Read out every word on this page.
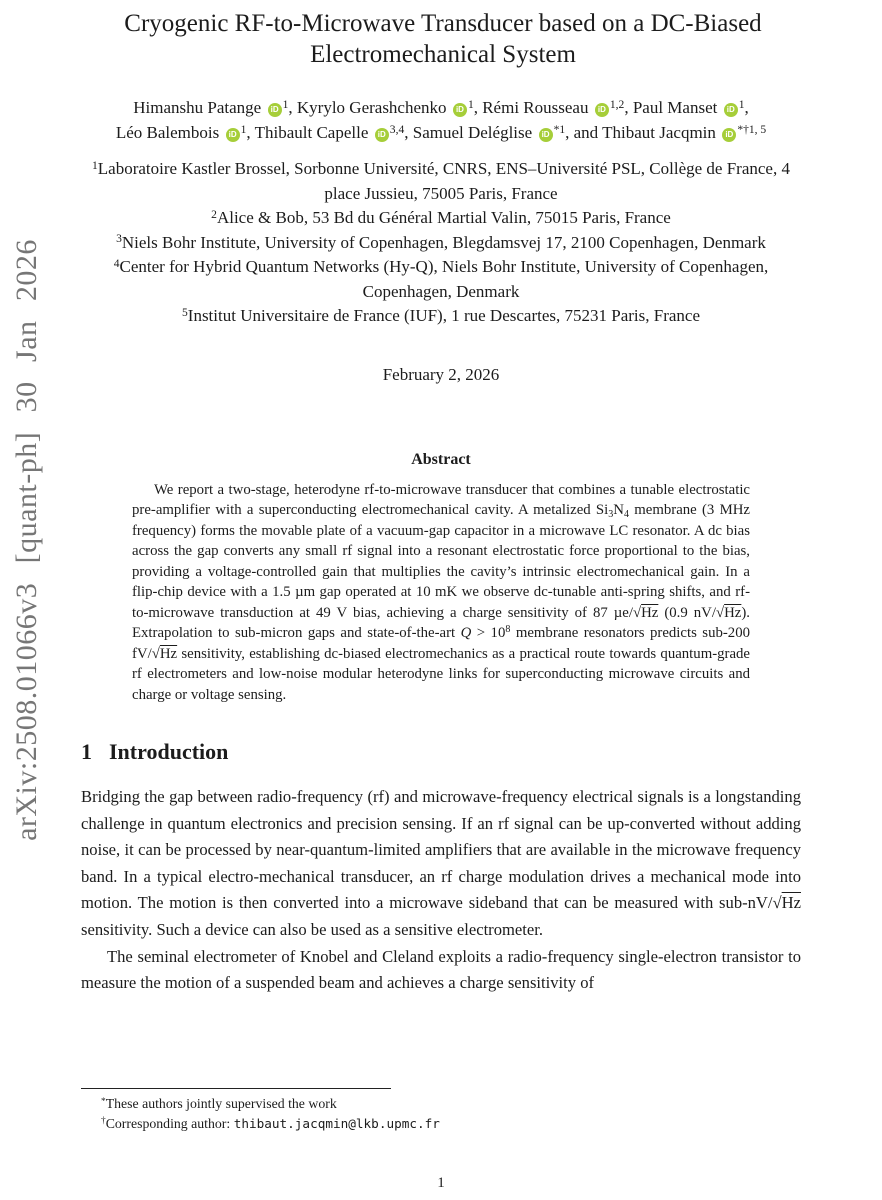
arXiv:2508.01066v3 [quant-ph] 30 Jan 2026
Cryogenic RF-to-Microwave Transducer based on a DC-Biased Electromechanical System
Himanshu Patange iD $^1$, Kyrylo Gerashchenko iD $^1$, Rémi Rousseau iD $^{1,2}$, Paul Manset iD $^1$, Léo Balembois iD $^1$, Thibault Capelle iD $^{3,4}$, Samuel Deléglise iD $^{*1}$, and Thibaut Jacqmin iD $^{*\dagger 1, 5}$
$^1$Laboratoire Kastler Brossel, Sorbonne Université, CNRS, ENS–Université PSL, Collège de France, 4 place Jussieu, 75005 Paris, France
$^2$Alice & Bob, 53 Bd du Général Martial Valin, 75015 Paris, France
$^3$Niels Bohr Institute, University of Copenhagen, Blegdamsvej 17, 2100 Copenhagen, Denmark
$^4$Center for Hybrid Quantum Networks (Hy-Q), Niels Bohr Institute, University of Copenhagen, Copenhagen, Denmark
$^5$Institut Universitaire de France (IUF), 1 rue Descartes, 75231 Paris, France
February 2, 2026
Abstract

We report a two-stage, heterodyne rf-to-microwave transducer that combines a tunable electrostatic pre-amplifier with a superconducting electromechanical cavity. A metalized $Si_3N_4$ membrane (3 MHz frequency) forms the movable plate of a vacuum-gap capacitor in a microwave LC resonator. A dc bias across the gap converts any small rf signal into a resonant electrostatic force proportional to the bias, providing a voltage-controlled gain that multiplies the cavity’s intrinsic electromechanical gain. In a flip-chip device with a 1.5 µm gap operated at 10 mK we observe dc-tunable anti-spring shifts, and rf-to-microwave transduction at 49 V bias, achieving a charge sensitivity of 87 µe/√Hz (0.9 nV/√Hz). Extrapolation to sub-micron gaps and state-of-the-art $Q > 10^8$ membrane resonators predicts sub-200 fV/√Hz sensitivity, establishing dc-biased electromechanics as a practical route towards quantum-grade rf electrometers and low-noise modular heterodyne links for superconducting microwave circuits and charge or voltage sensing.

1 Introduction

Bridging the gap between radio-frequency (rf) and microwave-frequency electrical signals is a longstanding challenge in quantum electronics and precision sensing. If an rf signal can be up-converted without adding noise, it can be processed by near-quantum-limited amplifiers that are available in the microwave frequency band. In a typical electro-mechanical transducer, an rf charge modulation drives a mechanical mode into motion. The motion is then converted into a microwave sideband that can be measured with sub-nV/√Hz sensitivity. Such a device can also be used as a sensitive electrometer.

The seminal electrometer of Knobel and Cleland exploits a radio-frequency single-electron transistor to measure the motion of a suspended beam and achieves a charge sensitivity of

*These authors jointly supervised the work
†Corresponding author: thibaut.jacqmin@lkb.upmc.fr
1
